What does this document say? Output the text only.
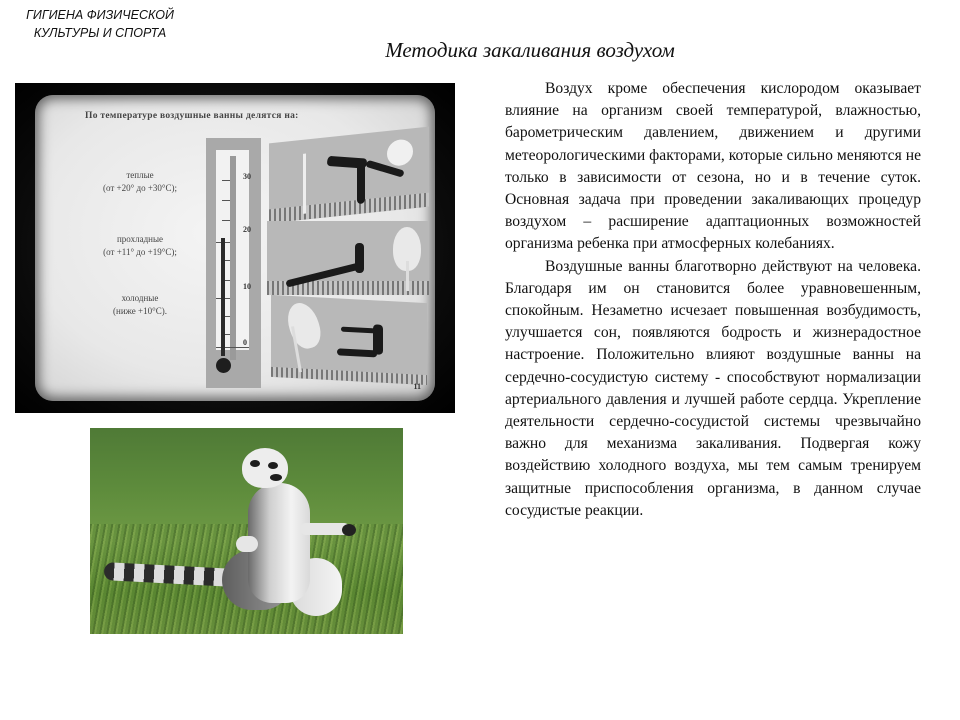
ГИГИЕНА ФИЗИЧЕСКОЙ
КУЛЬТУРЫ И СПОРТА
Методика закаливания воздухом
По температуре воздушные ванны делятся на:
теплые
(от +20° до +30°С);
прохладные
(от +11° до +19°С);
холодные
(ниже +10°С).
30
20
10
0
11

Воздух кроме обеспечения кислородом оказывает влияние на организм своей температурой, влажностью, барометрическим давлением, движением и другими метеорологическими факторами, которые сильно меняются не только в зависимости от сезона, но и в течение суток. Основная задача при проведении закаливающих процедур воздухом – расширение адаптационных возможностей организма ребенка при атмосферных колебаниях.

Воздушные ванны благотворно действуют на человека. Благодаря им он становится более уравновешенным, спокойным. Незаметно исчезает повышенная возбудимость, улучшается сон, появляются бодрость и жизнерадостное настроение. Положительно влияют воздушные ванны на сердечно-сосудистую систему - способствуют нормализации артериального давления и лучшей работе сердца. Укрепление деятельности сердечно-сосудистой системы чрезвычайно важно для механизма закаливания. Подвергая кожу воздействию холодного воздуха, мы тем самым тренируем защитные приспособления организма, в данном случае сосудистые реакции.
